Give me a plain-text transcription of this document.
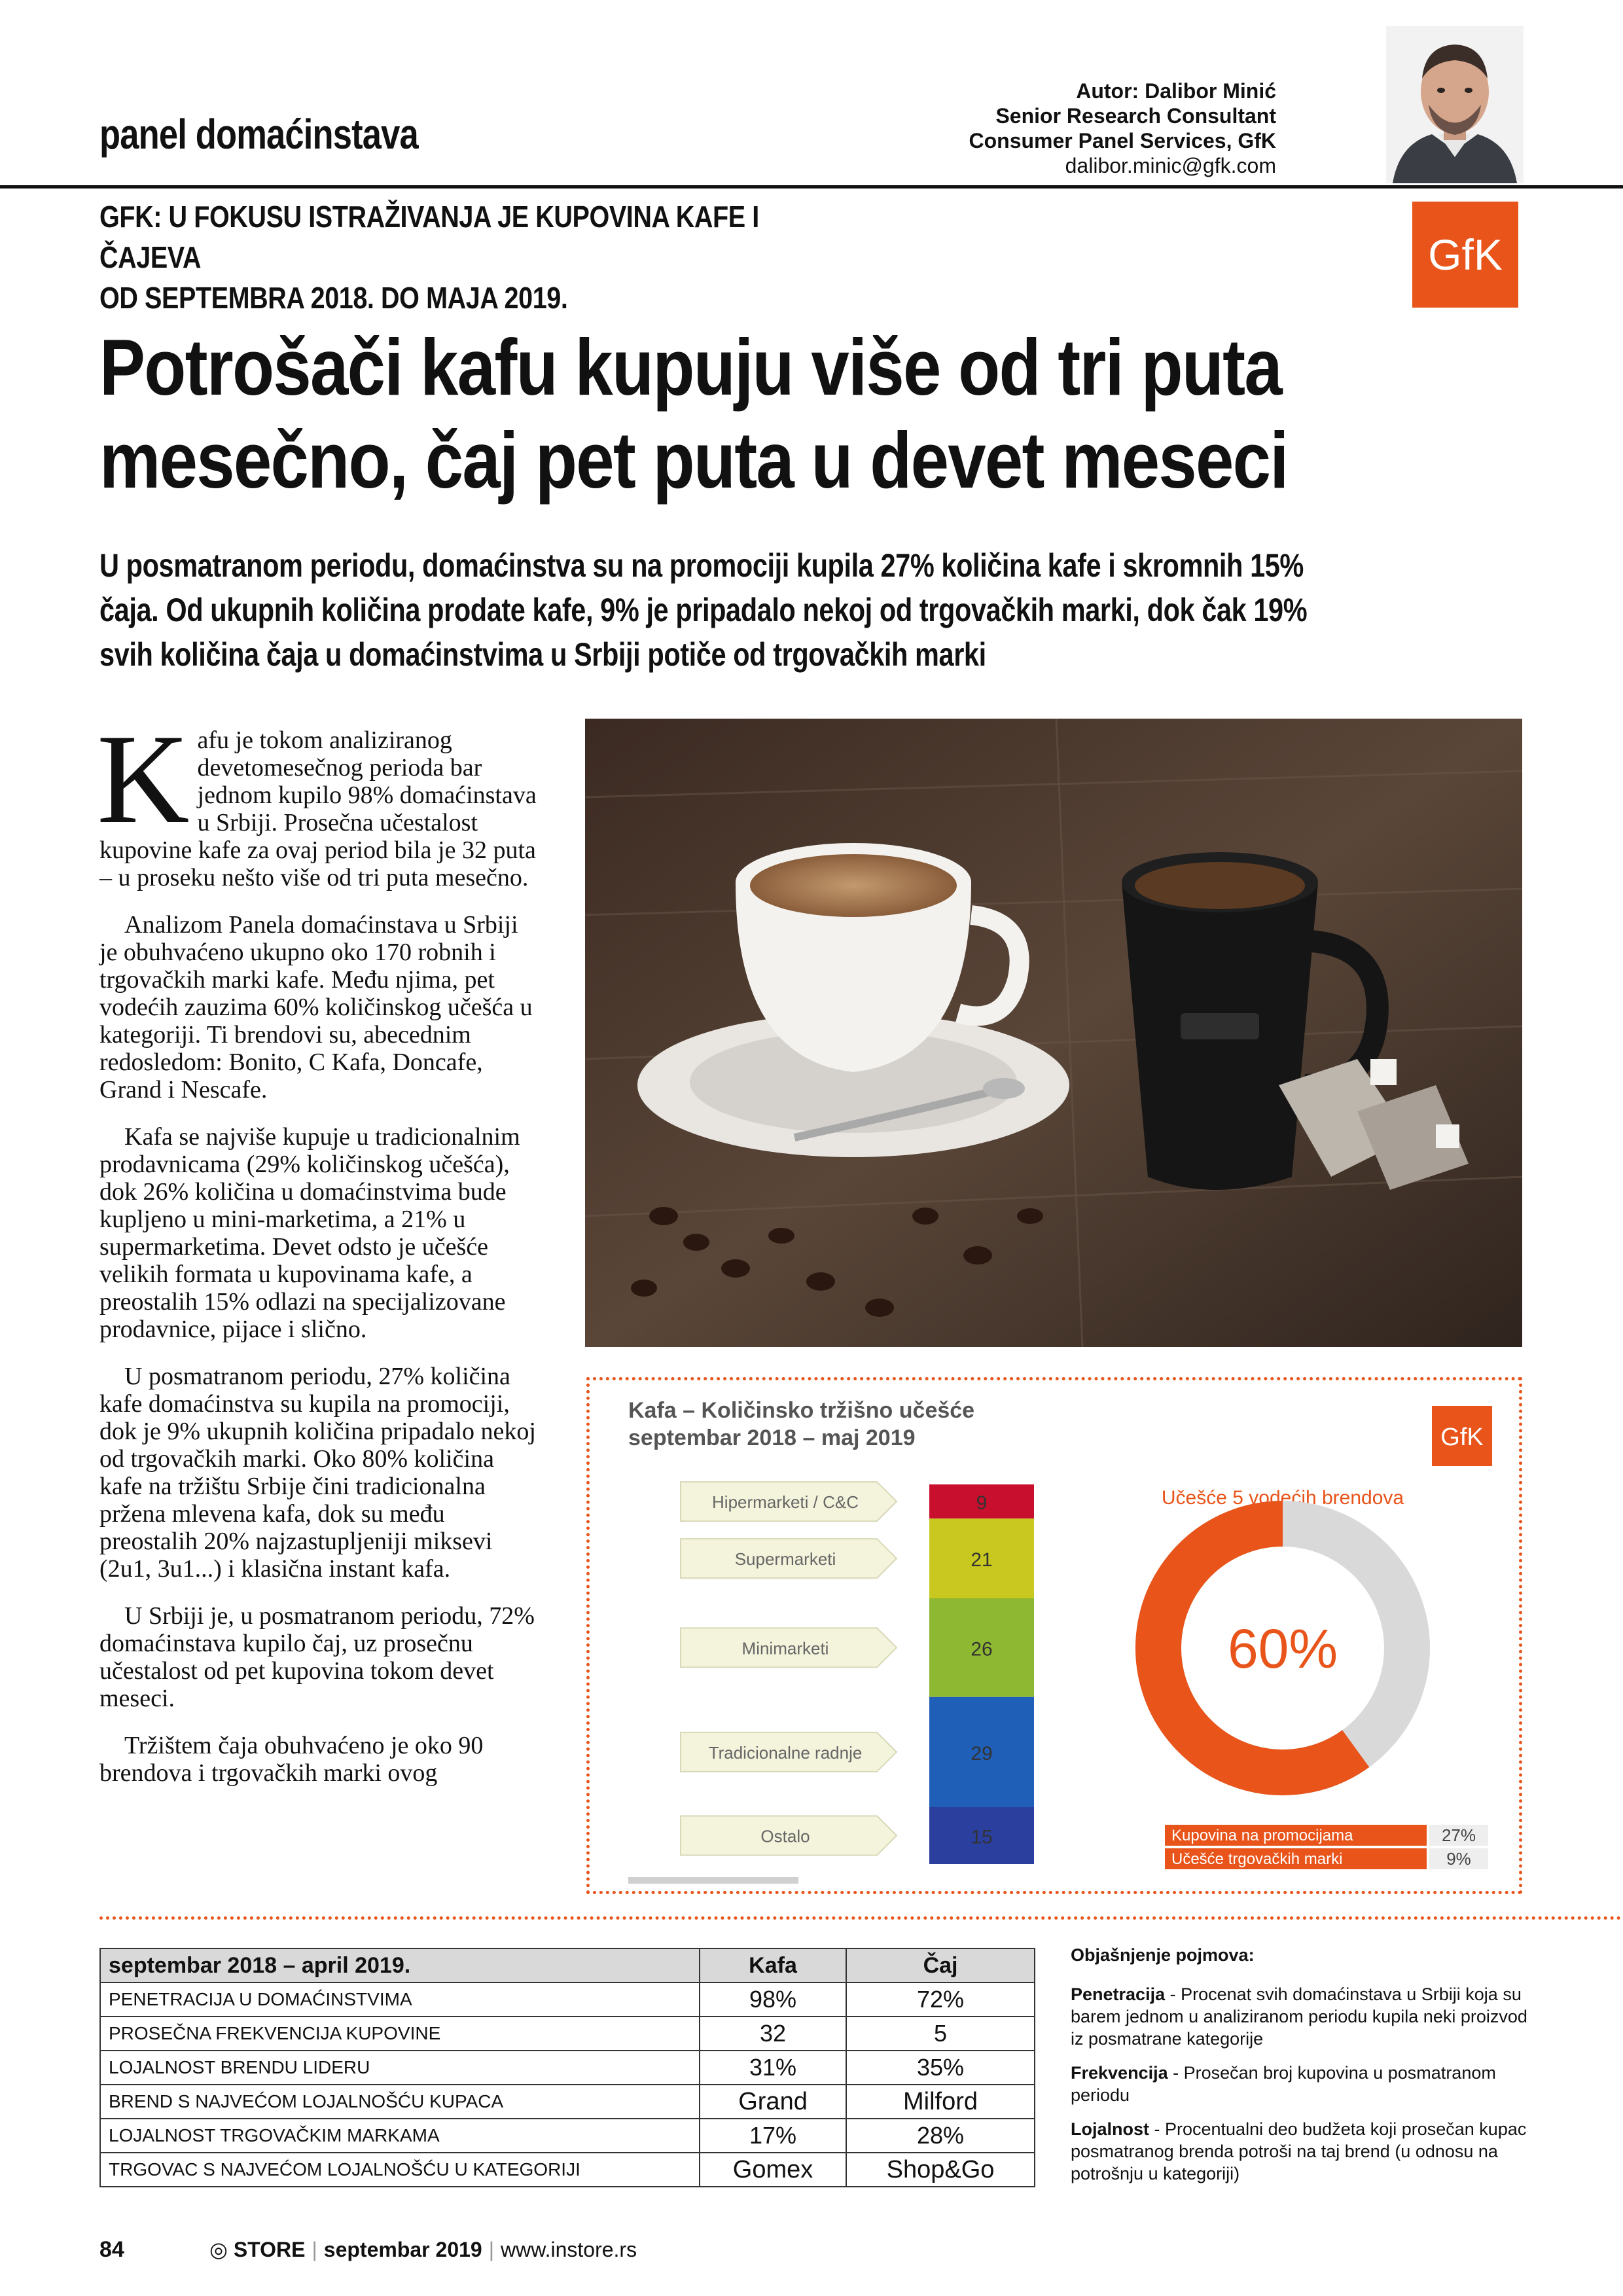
panel domaćinstava
Autor: Dalibor Minić
Senior Research Consultant
Consumer Panel Services, GfK
dalibor.minic@gfk.com
GFK: U FOKUSU ISTRAŽIVANJA JE KUPOVINA KAFE I ČAJEVA
OD SEPTEMBRA 2018. DO MAJA 2019.
GfK
Potrošači kafu kupuju više od tri puta
mesečno, čaj pet puta u devet meseci
U posmatranom periodu, domaćinstva su na promociji kupila 27% količina kafe i skromnih 15%
čaja. Od ukupnih količina prodate kafe, 9% je pripadalo nekoj od trgovačkih marki, dok čak 19%
svih količina čaja u domaćinstvima u Srbiji potiče od trgovačkih marki

Kafu je tokom analiziranog devetomesečnog perioda bar jednom kupilo 98% domaćinstava u Srbiji. Prosečna učestalost kupovine kafe za ovaj period bila je 32 puta – u proseku nešto više od tri puta mesečno.

Analizom Panela domaćinstava u Srbiji je obuhvaćeno ukupno oko 170 robnih i trgovačkih marki kafe. Među njima, pet vodećih zauzima 60% količinskog učešća u kategoriji. Ti brendovi su, abecednim redosledom: Bonito, C Kafa, Doncafe, Grand i Nescafe.

Kafa se najviše kupuje u tradicionalnim prodavnicama (29% količinskog učešća), dok 26% količina u domaćinstvima bude kupljeno u mini-marketima, a 21% u supermarketima. Devet odsto je učešće velikih formata u kupovinama kafe, a preostalih 15% odlazi na specijalizovane prodavnice, pijace i slično.

U posmatranom periodu, 27% količina kafe domaćinstva su kupila na promociji, dok je 9% ukupnih količina pripadalo nekoj od trgovačkih marki. Oko 80% količina kafe na tržištu Srbije čini tradicionalna pržena mlevena kafa, dok su među preostalih 20% najzastupljeniji miksevi (2u1, 3u1...) i klasična instant kafa.

U Srbiji je, u posmatranom periodu, 72% domaćinstava kupilo čaj, uz prosečnu učestalost od pet kupovina tokom devet meseci.

Tržištem čaja obuhvaćeno je oko 90 brendova i trgovačkih marki ovog

Kafa – Količinsko tržišno učešće
septembar 2018 – maj 2019	GfK
9
Hipermarketi / C&C
21
Supermarketi
26
Minimarketi
29
Tradicionalne radnje
15
Ostalo
Učešće 5 vodećih brendova
60%
Kupovina na promocijama	27%
Učešće trgovačkih marki	9%
septembar 2018 – april 2019.	Kafa	Čaj
PENETRACIJA U DOMAĆINSTVIMA	98%	72%
PROSEČNA FREKVENCIJA KUPOVINE	32	5
LOJALNOST BRENDU LIDERU	31%	35%
BREND S NAJVEĆOM LOJALNOŠĆU KUPACA	Grand	Milford
LOJALNOST TRGOVAČKIM MARKAMA	17%	28%
TRGOVAC S NAJVEĆOM LOJALNOŠĆU U KATEGORIJI	Gomex	Shop&Go
Objašnjenje pojmova:

Penetracija - Procenat svih domaćinstava u Srbiji koja su barem jednom u analiziranom periodu kupila neki proizvod iz posmatrane kategorije

Frekvencija - Prosečan broj kupovina u posmatranom periodu

Lojalnost - Procentualni deo budžeta koji prosečan kupac posmatranog brenda potroši na taj brend (u odnosu na potrošnju u kategoriji)

84	◎ STORE | septembar 2019 | www.instore.rs
